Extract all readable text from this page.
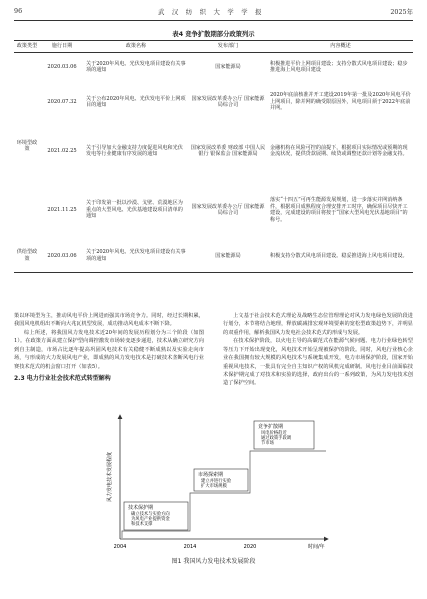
96	武汉纺织大学学报	2025年
表4 竞争扩散期部分政策列示
政策类型	施行日期	政策名称	发布部门	内容概述
环境型政策	2020.03.06	关于2020年风电、光伏发电项目建设有关事项的通知	国家能源局	积极推进平价上网项目建设；支持分散式风电项目建设；稳步推进海上风电项目建设
	2020.07.32	关于公布2020年风电、光伏发电平价上网项目的通知	国家发展改革委办公厅 国家能源局综合司	2020年底前核准并开工建设2019年第一批及2020年风电平价上网项目，除并网的确受限原因外，风电项目须于2022年底前并网。
	2021.02.25	关于引导加大金融支持力度促进风电和光伏发电等行业健康有序发展的通知	国家发展改革委 财政部 中国人民银行 银保监会 国家能源局	金融机构在风险可控的前提下，根据项目实际情况或预期的现金流状况，提供贷款展期、续贷或调整还款计划等金融支持。
	2021.11.25	关于印发第一批以沙漠、戈壁、荒漠地区为重点的大型风电、光伏基地建设项目清单的通知	国家发展改革委办公厅 国家能源局综合司	落实“十四五”可再生能源发展规划，进一步落实并网消纳条件，根据项目成熟程度合理安排开工时序，确保项目尽快开工建设，完成建设的项目将按于“国家大型风电光伏基地项目”的称号。
供给型政策	2020.03.06	关于2020年风电、光伏发电项目建设有关事项的通知	国家能源局	积极支持分散式风电项目建设。稳妥推进海上风电项目建设。

策以环境型为主，推动风电平价上网进而强其市场竞争力。同时，经过长期积累，我国风电机组出不断向大兆瓦机型发展，成功推动风电成本不断下降。

综上所述，将我国风力发电技术近20年间的发展历程划分为三个阶段（如图1）。在政策方面从建立保护型向调控激发市场转变逐步递进，技术从确立研究方向到自主制造，市场占比逐年提高巩固风电技术有关稳健不断成熟以及实验走向市场，与形成的大力发展风电产业，即成熟的风力发电技术是打破技术垄断风电行业赛技术范式的机会窗口打开（如表5）。

2.3 电力行业社会技术范式转型解构

上文基于社会技术范式理论及战略生态位管理理论对风力发电绿色发展阶段进行划分，本节将结合地理，释放碳减排宏观环境要素的宽松型政策趋势下，并明显的双重作用，解析我国风力发电社会技术范式的形成与发展。

在技术保护阶段，以火电主导的高碳范式在能源气候问题、电力行业绿色转型等压力下开始出现变化，风电技术开始呈现被保护的阶段。同时，风电行业核心企业在我国拥有较大规模的风电技术与系统集成开发，电力市场保护阶段，国家开始重视风电技术，一批具有完全自主知识产权的风机完成研制。风电行业目前面临技术保护期完成了对技术和实验的选择，政府出台的一系列政策，为风力发电技术创造了保护空间。

风力发电技术发展程度
时间/年
2004	2014	2020
技术保护期
确立技术与实验方向
为风电产业提供资金
和技术支撑
市场探索期
建立并进行实验
扩大市场规模
竞争扩散期
风电价格趋近
通过政策手段调
节市场
图1 我国风力发电技术发展阶段
